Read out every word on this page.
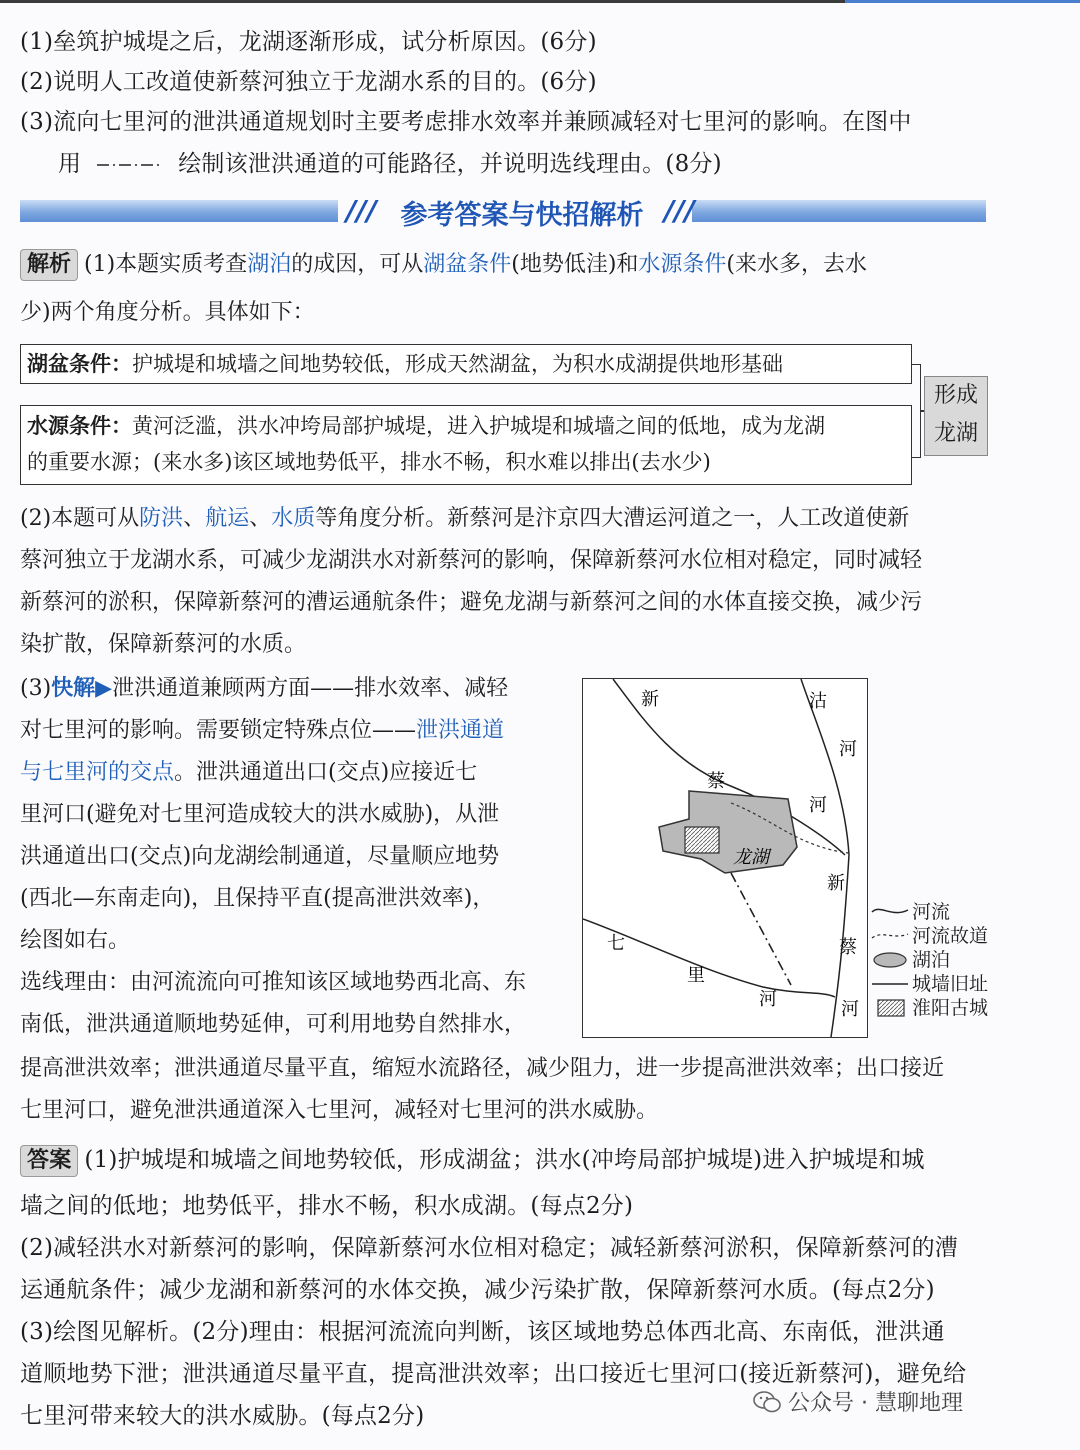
(1)垒筑护城堤之后，龙湖逐渐形成，试分析原因。(6分)
(2)说明人工改道使新蔡河独立于龙湖水系的目的。(6分)
(3)流向七里河的泄洪通道规划时主要考虑排水效率并兼顾减轻对七里河的影响。在图中
用	绘制该泄洪通道的可能路径，并说明选线理由。(8分)
/// 参考答案与快招解析 ///
解析 (1)本题实质考查湖泊的成因，可从湖盆条件(地势低洼)和水源条件(来水多，去水
少)两个角度分析。具体如下：
湖盆条件：护城堤和城墙之间地势较低，形成天然湖盆，为积水成湖提供地形基础
水源条件：黄河泛滥，洪水冲垮局部护城堤，进入护城堤和城墙之间的低地，成为龙湖
的重要水源；(来水多)该区域地势低平，排水不畅，积水难以排出(去水少)
形成
龙湖
(2)本题可从防洪、航运、水质等角度分析。新蔡河是汴京四大漕运河道之一，人工改道使新
蔡河独立于龙湖水系，可减少龙湖洪水对新蔡河的影响，保障新蔡河水位相对稳定，同时减轻
新蔡河的淤积，保障新蔡河的漕运通航条件；避免龙湖与新蔡河之间的水体直接交换，减少污
染扩散，保障新蔡河的水质。
(3)快解▶泄洪通道兼顾两方面——排水效率、减轻
对七里河的影响。需要锁定特殊点位——泄洪通道
与七里河的交点。泄洪通道出口(交点)应接近七
里河口(避免对七里河造成较大的洪水威胁)，从泄
洪通道出口(交点)向龙湖绘制通道，尽量顺应地势
(西北—东南走向)，且保持平直(提高泄洪效率)，
绘图如右。
选线理由：由河流流向可推知该区域地势西北高、东
南低，泄洪通道顺地势延伸，可利用地势自然排水，
提高泄洪效率；泄洪通道尽量平直，缩短水流路径，减少阻力，进一步提高泄洪效率；出口接近
七里河口，避免泄洪通道深入七里河，减轻对七里河的洪水威胁。
新	沽
河
蔡
河
龙湖
新
蔡
河
七
里
河
河流
河流故道
湖泊
城墙旧址
淮阳古城
答案 (1)护城堤和城墙之间地势较低，形成湖盆；洪水(冲垮局部护城堤)进入护城堤和城
墙之间的低地；地势低平，排水不畅，积水成湖。(每点2分)
(2)减轻洪水对新蔡河的影响，保障新蔡河水位相对稳定；减轻新蔡河淤积，保障新蔡河的漕
运通航条件；减少龙湖和新蔡河的水体交换，减少污染扩散，保障新蔡河水质。(每点2分)
(3)绘图见解析。(2分)理由：根据河流流向判断，该区域地势总体西北高、东南低，泄洪通
道顺地势下泄；泄洪通道尽量平直，提高泄洪效率；出口接近七里河口(接近新蔡河)，避免给
七里河带来较大的洪水威胁。(每点2分)	公众号 · 慧聊地理
